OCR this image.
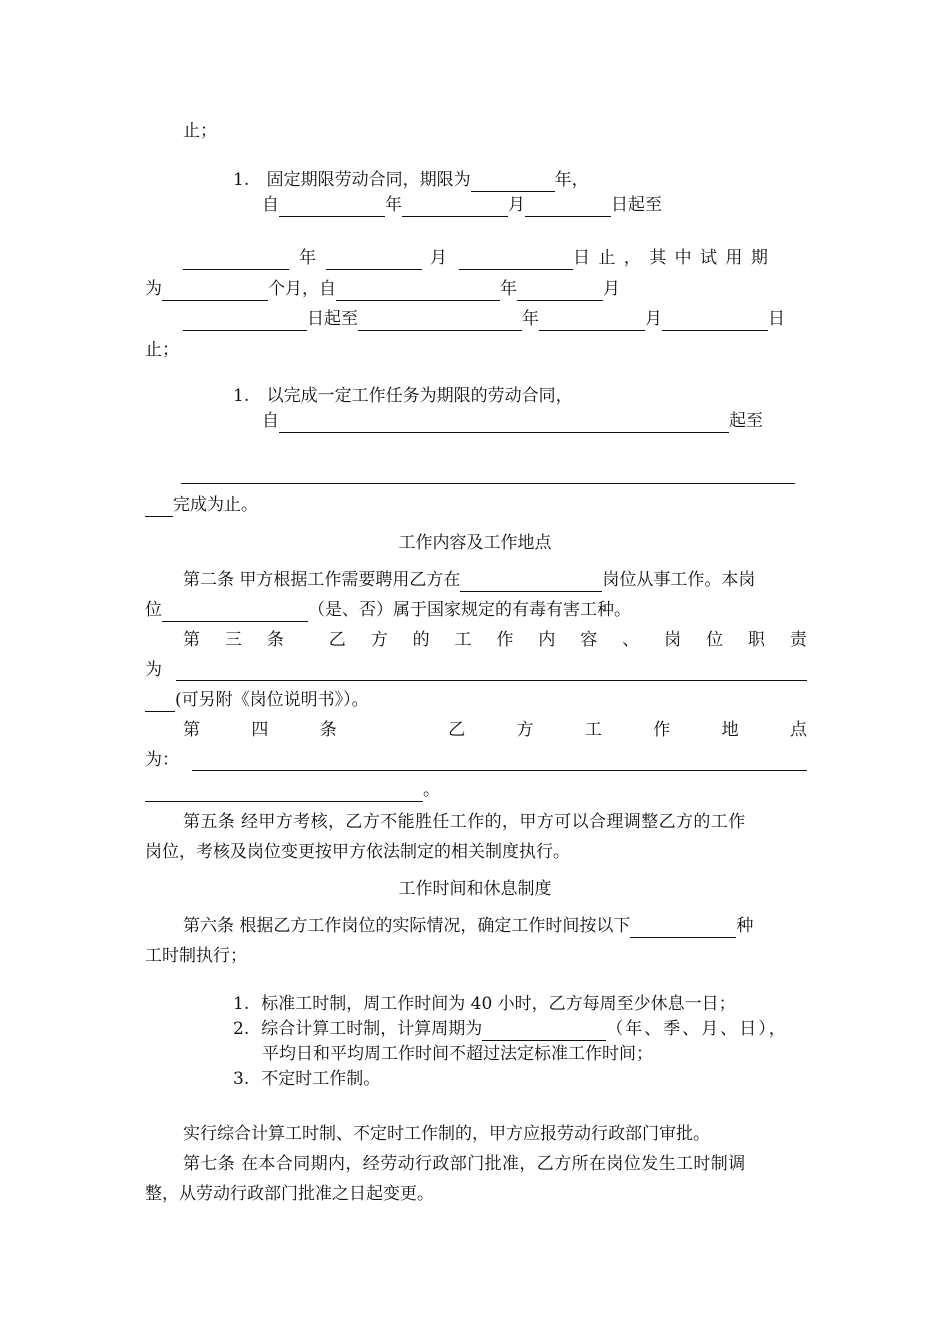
止；
1. 固定期限劳动合同，期限为	年，
自	年	月	日起至
年	月	日 止 ， 其 中 试 用 期
为	个月，自	年	月
日起至	年	月	日
止；
1. 以完成一定工作任务为期限的劳动合同，
自	起至
完成为止。
工作内容及工作地点
第二条 甲方根据工作需要聘用乙方在	岗位从事工作。本岗
位	（是、否）属于国家规定的有毒有害工种。
第 三 条	乙 方 的 工 作 内 容 、 岗 位 职 责
为
(可另附《岗位说明书》）。
第	四	条	乙	方	工	作	地	点
为：
。
第五条 经甲方考核，乙方不能胜任工作的，甲方可以合理调整乙方的工作
岗位，考核及岗位变更按甲方依法制定的相关制度执行。
工作时间和休息制度
第六条 根据乙方工作岗位的实际情况，确定工作时间按以下	种
工时制执行；
1. 标准工时制，周工作时间为 40 小时，乙方每周至少休息一日；
2. 综合计算工时制，计算周期为	（年、季、月、日），
平均日和平均周工作时间不超过法定标准工作时间；
3. 不定时工作制。
实行综合计算工时制、不定时工作制的，甲方应报劳动行政部门审批。
第七条 在本合同期内，经劳动行政部门批准，乙方所在岗位发生工时制调
整，从劳动行政部门批准之日起变更。
